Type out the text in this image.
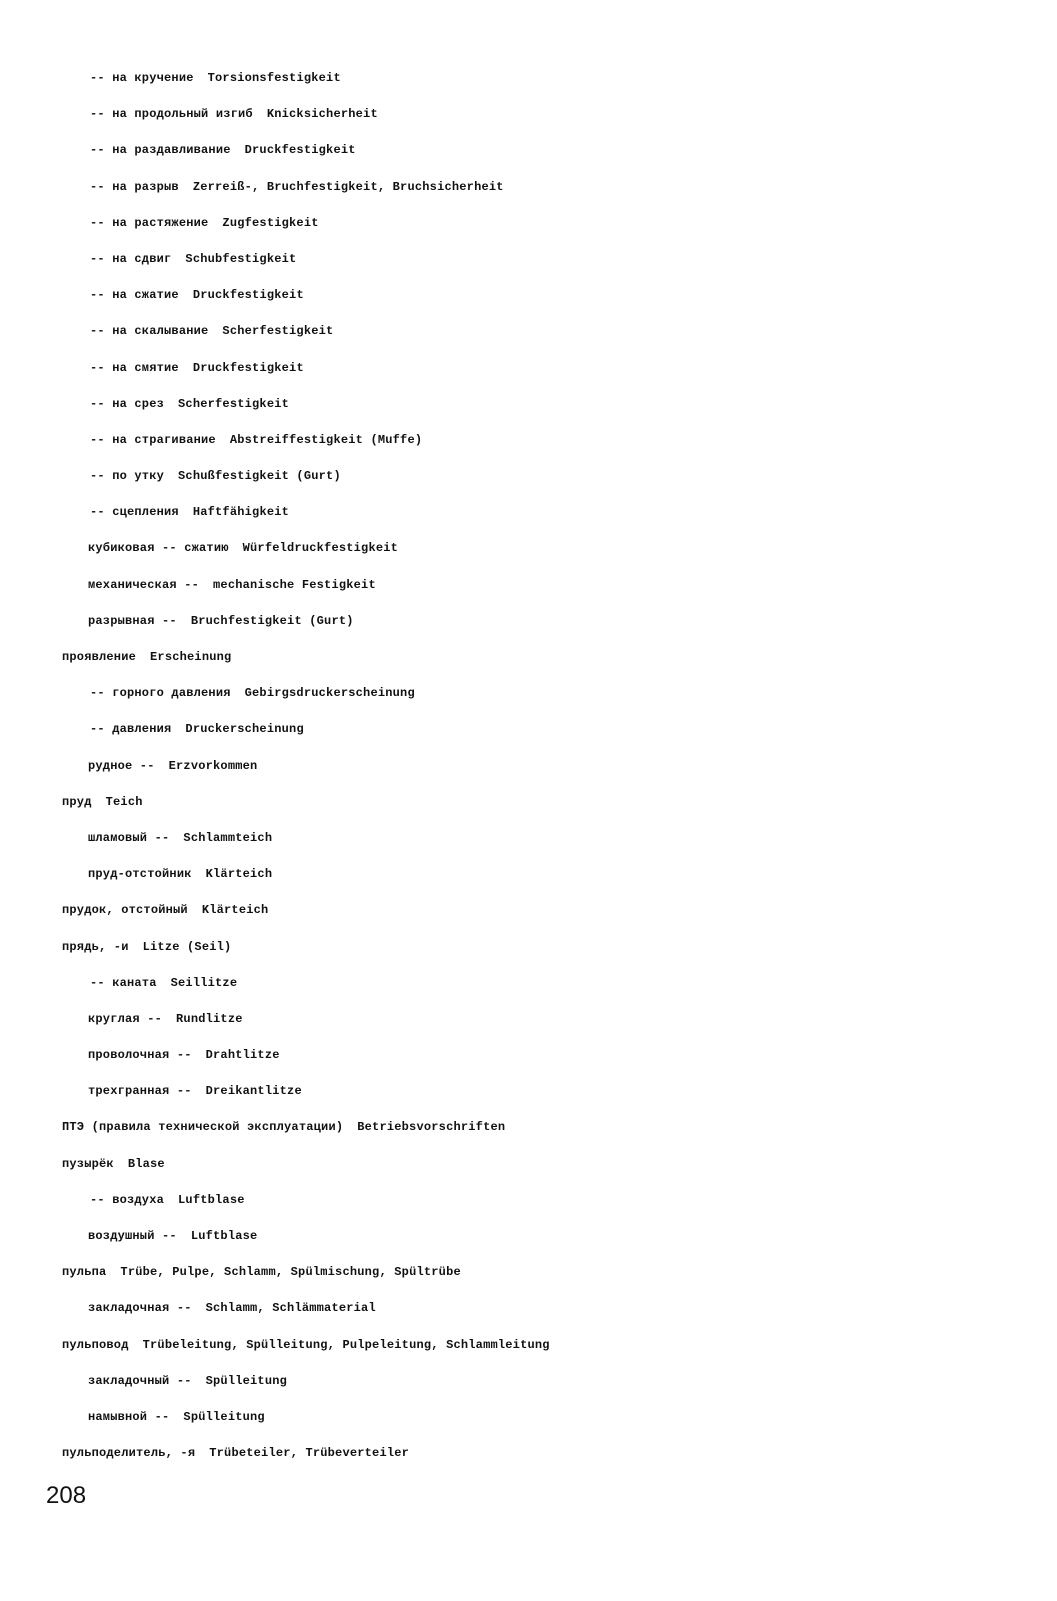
-- на кручение Torsionsfestigkeit
-- на продольный изгиб Knicksicherheit
-- на раздавливание Druckfestigkeit
-- на разрыв Zerreiß-, Bruchfestigkeit, Bruchsicherheit
-- на растяжение Zugfestigkeit
-- на сдвиг Schubfestigkeit
-- на сжатие Druckfestigkeit
-- на скалывание Scherfestigkeit
-- на смятие Druckfestigkeit
-- на срез Scherfestigkeit
-- на страгивание Abstreiffestigkeit (Muffe)
-- по утку Schußfestigkeit (Gurt)
-- сцепления Haftfähigkeit
кубиковая -- сжатию Würfeldruckfestigkeit
механическая -- mechanische Festigkeit
разрывная -- Bruchfestigkeit (Gurt)
проявление Erscheinung
-- горного давления Gebirgsdruckerscheinung
-- давления Druckerscheinung
рудное -- Erzvorkommen
пруд Teich
шламовый -- Schlammteich
пруд-отстойник Klärteich
прудок, отстойный Klärteich
прядь, -и Litze (Seil)
-- каната Seillitze
круглая -- Rundlitze
проволочная -- Drahtlitze
трехгранная -- Dreikantlitze
ПТЭ (правила технической эксплуатации) Betriebsvorschriften
пузырёк Blase
-- воздуха Luftblase
воздушный -- Luftblase
пульпа Trübe, Pulpe, Schlamm, Spülmischung, Spültrübe
закладочная -- Schlamm, Schlämmaterial
пульповод Trübeleitung, Spülleitung, Pulpeleitung, Schlammleitung
закладочный -- Spülleitung
намывной -- Spülleitung
пульподелитель, -я Trübeteiler, Trübeverteiler
208
